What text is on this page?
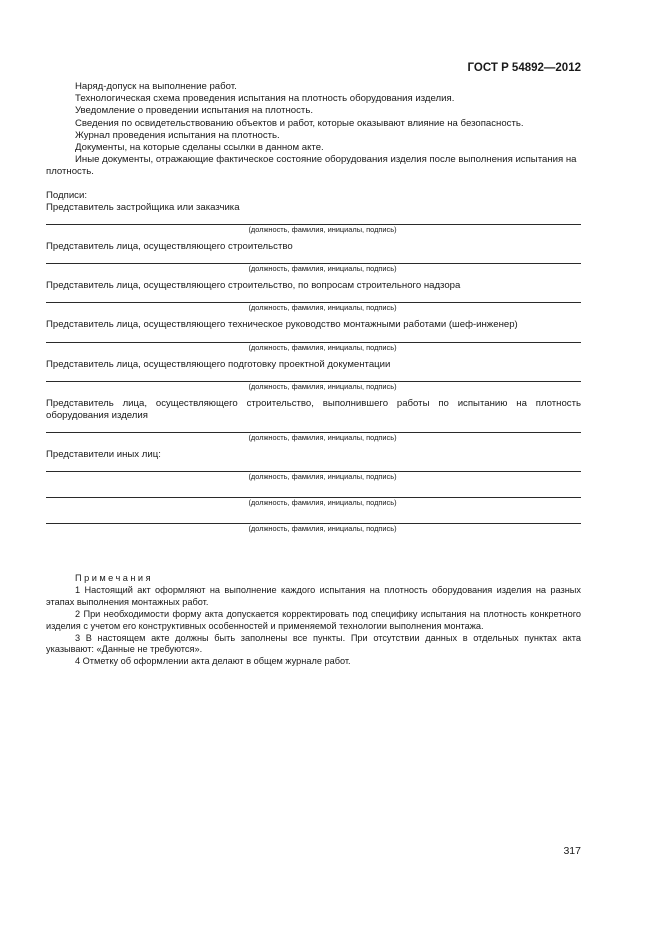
ГОСТ Р 54892—2012

Наряд-допуск на выполнение работ.

Технологическая схема проведения испытания на плотность оборудования изделия.

Уведомление о проведении испытания на плотность.

Сведения по освидетельствованию объектов и работ, которые оказывают влияние на безопасность.

Журнал проведения испытания на плотность.

Документы, на которые сделаны ссылки в данном акте.

Иные документы, отражающие фактическое состояние оборудования изделия после выполнения испытания на плотность.

Подписи:

Представитель застройщика или заказчика

(должность, фамилия, инициалы, подпись)

Представитель лица, осуществляющего строительство

(должность, фамилия, инициалы, подпись)

Представитель лица, осуществляющего строительство, по вопросам строительного надзора

(должность, фамилия, инициалы, подпись)

Представитель лица, осуществляющего техническое руководство монтажными работами (шеф-инженер)

(должность, фамилия, инициалы, подпись)

Представитель лица, осуществляющего подготовку проектной документации

(должность, фамилия, инициалы, подпись)

Представитель лица, осуществляющего строительство, выполнившего работы по испытанию на плотность оборудования изделия

(должность, фамилия, инициалы, подпись)

Представители иных лиц:

(должность, фамилия, инициалы, подпись)
(должность, фамилия, инициалы, подпись)
(должность, фамилия, инициалы, подпись)

Примечания

1 Настоящий акт оформляют на выполнение каждого испытания на плотность оборудования изделия на разных этапах выполнения монтажных работ.

2 При необходимости форму акта допускается корректировать под специфику испытания на плотность конкретного изделия с учетом его конструктивных особенностей и применяемой технологии выполнения монтажа.

3 В настоящем акте должны быть заполнены все пункты. При отсутствии данных в отдельных пунктах акта указывают: «Данные не требуются».

4 Отметку об оформлении акта делают в общем журнале работ.

317
